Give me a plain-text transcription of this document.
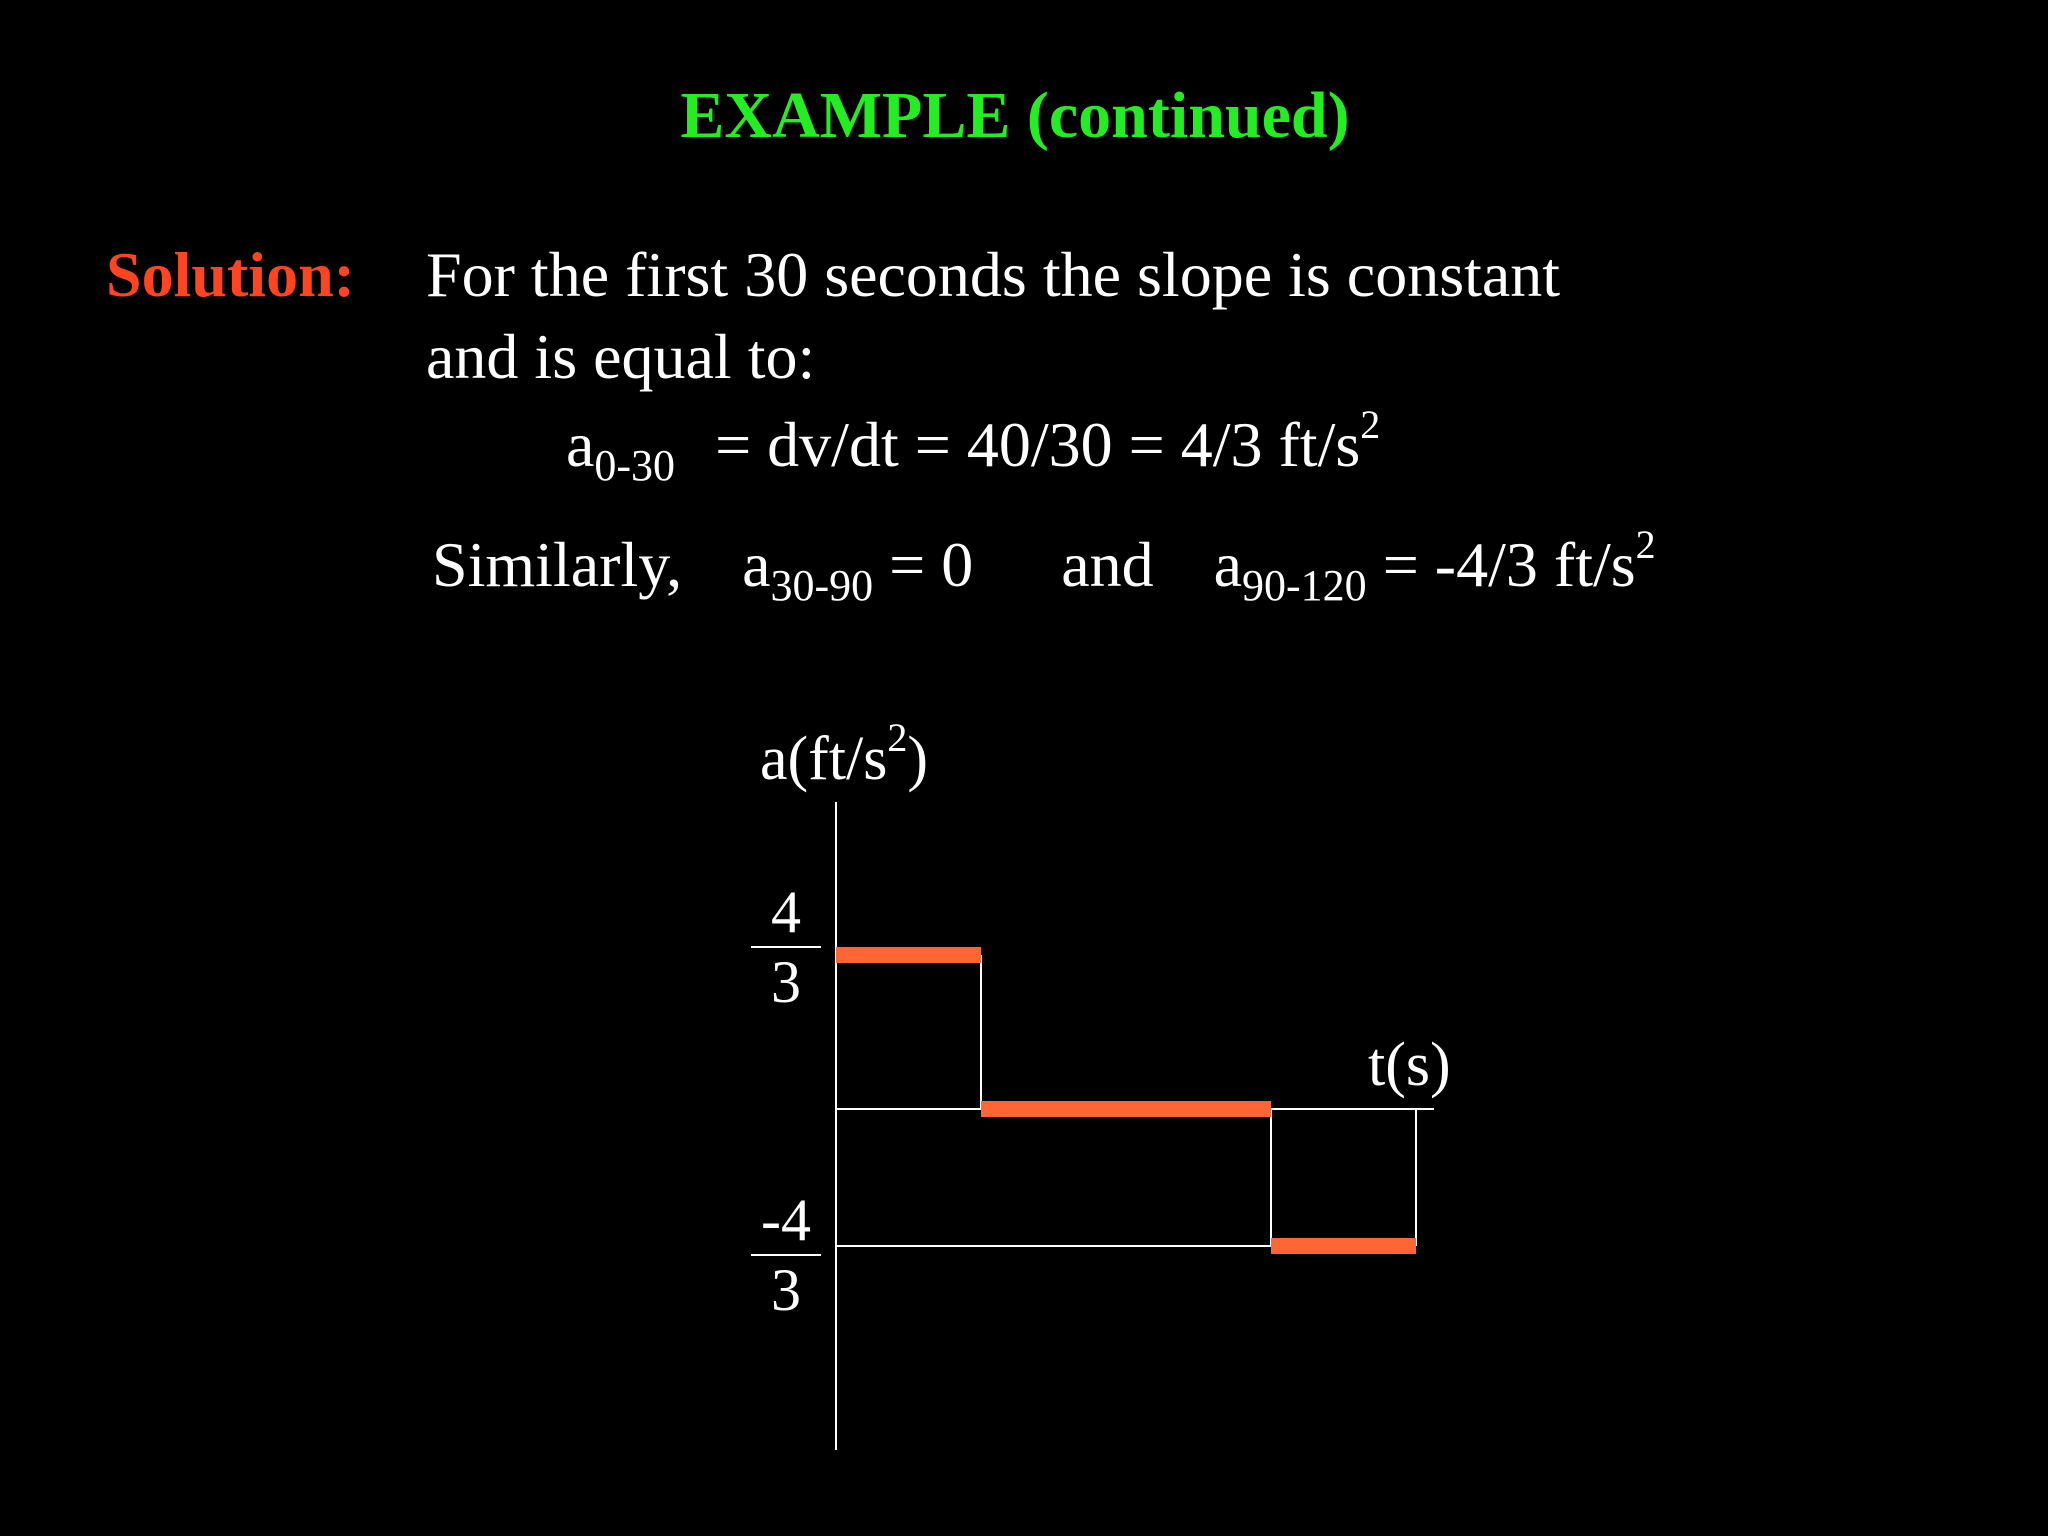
EXAMPLE (continued)
Solution: For the first 30 seconds the slope is constant
and is equal to:
$a_{0-30} = dv/dt = 40/30 = 4/3$ $ft/s^2$
Similarly, $a_{30-90} = 0$ and $a_{90-120} = -4/3$ $ft/s^2$
$a(ft/s^2)$
t(s)
4
3
-4
3
